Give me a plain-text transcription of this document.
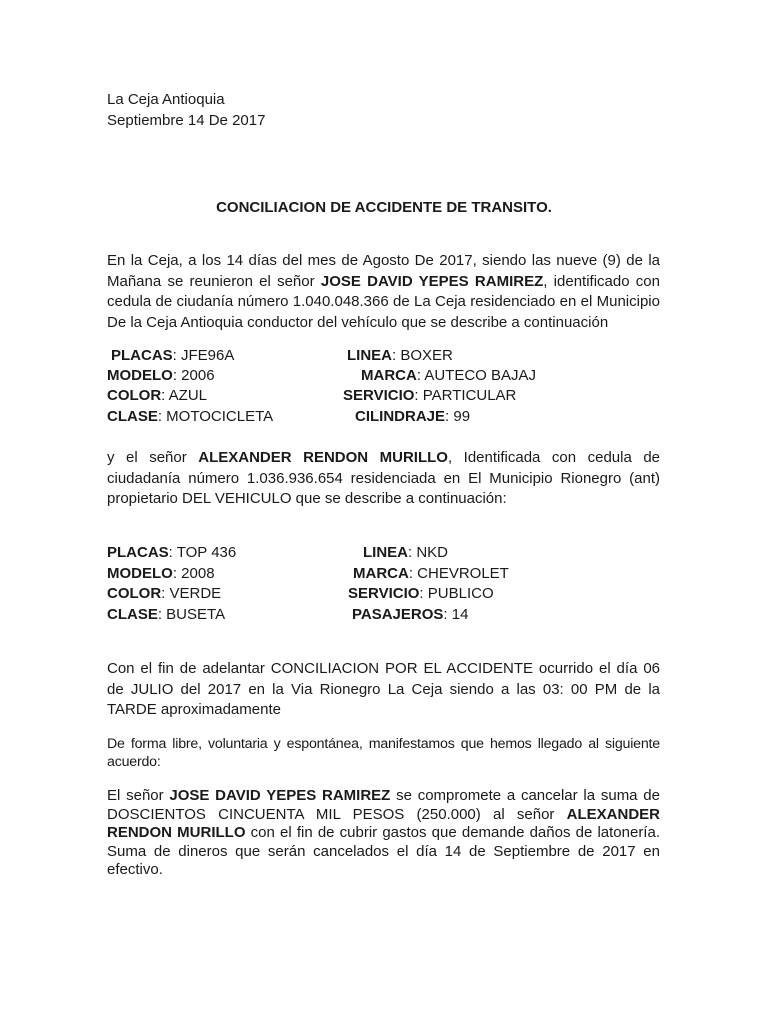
La Ceja Antioquia
Septiembre 14 De 2017
CONCILIACION DE ACCIDENTE DE TRANSITO.
En la Ceja, a los 14 días del mes de Agosto De 2017, siendo las nueve (9) de la Mañana se reunieron el señor JOSE DAVID YEPES RAMIREZ, identificado con cedula de ciudanía número 1.040.048.366 de La Ceja residenciado en el Municipio De la Ceja Antioquia conductor del vehículo que se describe a continuación
PLACAS: JFE96A	LINEA: BOXER
MODELO: 2006	MARCA: AUTECO BAJAJ
COLOR: AZUL	SERVICIO: PARTICULAR
CLASE: MOTOCICLETA	CILINDRAJE: 99
y el señor ALEXANDER RENDON MURILLO, Identificada con cedula de ciudadanía número 1.036.936.654 residenciada en El Municipio Rionegro (ant) propietario DEL VEHICULO que se describe a continuación:
PLACAS: TOP 436	LINEA: NKD
MODELO: 2008	MARCA: CHEVROLET
COLOR: VERDE	SERVICIO: PUBLICO
CLASE: BUSETA	PASAJEROS: 14
Con el fin de adelantar CONCILIACION POR EL ACCIDENTE ocurrido el día 06 de JULIO del 2017 en la Via Rionegro La Ceja siendo a las 03: 00 PM de la TARDE aproximadamente
De forma libre, voluntaria y espontánea, manifestamos que hemos llegado al siguiente acuerdo:
El señor JOSE DAVID YEPES RAMIREZ se compromete a cancelar la suma de DOSCIENTOS CINCUENTA MIL PESOS (250.000) al señor ALEXANDER RENDON MURILLO con el fin de cubrir gastos que demande daños de latonería. Suma de dineros que serán cancelados el día 14 de Septiembre de 2017 en efectivo.
